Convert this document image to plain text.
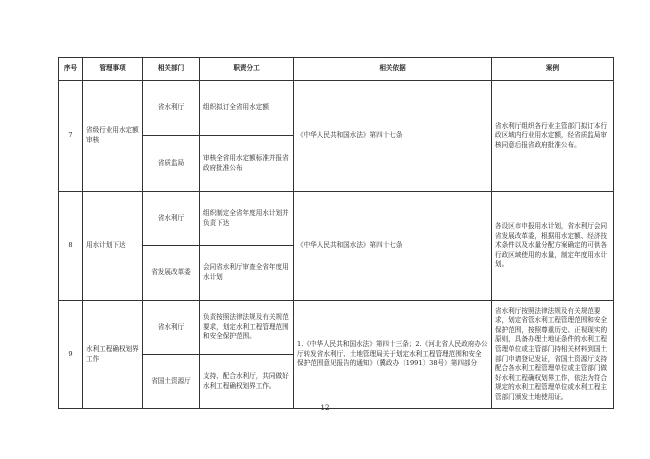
序号	管理事项	相关部门	职责分工	相关依据	案例
7	省级行业用水定额审核	省水利厅	组织拟订全省用水定额	《中华人民共和国水法》第四十七条	省水利厅组织各行业主管部门拟订本行政区域内行业用水定额，经省质监局审核同意后报省政府批准公布。
		省质监局	审核全省用水定额标准并报省政府批准公布		
8	用水计划下达	省水利厅	组织制定全省年度用水计划并负责下达	《中华人民共和国水法》第四十七条	各设区市申报用水计划，省水利厅会同省发展改革委，根据用水定额、经济技术条件以及水量分配方案确定的可供各行政区域使用的水量，制定年度用水计划。
		省发展改革委	会同省水利厅审查全省年度用水计划		
9	水利工程确权划界工作	省水利厅	负责按照法律法规及有关规范要求，划定水利工程管理范围和安全保护范围。	1.《中华人民共和国水法》第四十三条；2.《河北省人民政府办公厅转发省水利厅、土地管理局关于划定水利工程管理范围和安全保护范围意见报告的通知》（冀政办〔1991〕38号）第四部分	省水利厅按照法律法规及有关规范要求，划定省管水利工程管理范围和安全保护范围，按照尊重历史、正视现实的原则，具备办理土地证条件的水利工程管理单位或主管部门持相关材料到国土部门申请登记发证，省国土资源厅支持配合各水利工程管理单位或主管部门做好水利工程确权划界工作，依法为符合规定的水利工程管理单位或水利工程主管部门颁发土地使用证。
		省国土资源厅	支持、配合水利厅，共同做好水利工程确权划界工作。		
12
